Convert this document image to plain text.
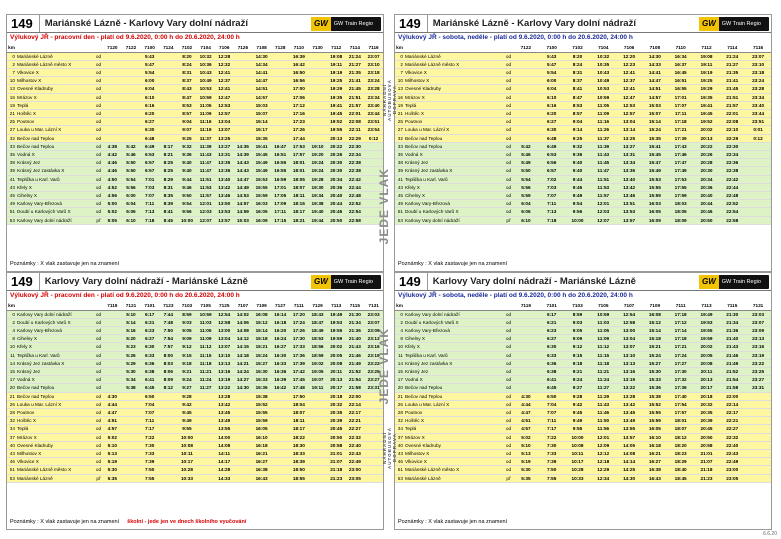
149	Mariánské Lázně - Karlovy Vary dolní nádraží	GW	GW Train Regio
Výlukový JŘ - pracovní den - platí od 9.6.2020, 0:00 h do 20.6.2020, 24:00 h
km			7120	7122	7100	7124	7102	7104	7106	7126	7108	7128	7110	7130	7112	7114	7116
0	Mariánské Lázně	od			5:43		8:20	10:32	12:28		14:30		16:39		19:08	21:24	23:07
2	Mariánské Lázně město X	od			5:47		8:24	10:36	12:32		14:34		16:42		19:11	21:27	23:10
7	Vlkovice X	od			5:54		8:31	10:43	12:41		14:41		16:50		19:19	21:35	23:18
10	Milhostov X	od			6:00		8:37	10:49	12:37		14:47		16:56		19:25	21:41	23:24
13	Ovesné Kladruby	od			6:04		8:43	10:53	12:41		14:51		17:00		19:29	21:45	23:28
16	Mrázov X	od			6:10		8:47	10:59	12:47		14:57		17:06		19:35	21:51	23:34
19	Teplá	od			6:16		8:53	11:05	12:53		15:03		17:12		19:41	21:57	23:40
21	Hoštěc X	od			6:20		8:57	11:09	12:57		15:07		17:16		19:45	22:01	23:44
25	Poutnov	od			6:27		9:04	11:16	13:04		15:14		17:23		19:52	22:08	23:51
27	Louka u Mar. Lázní X	od			6:30		9:07	11:19	13:07		15:17		17:26		19:55	22:11	23:54
32	Bečov nad Teplou	od			6:48		9:25	11:37	13:25		15:35		17:44		20:13	22:29	0:12
33	Bečov nad Teplou	od	4:38	5:42	6:49	8:17	9:32	11:39	13:27	14:35	15:41	16:47	17:53	19:10	20:22	22:30	
35	Vodná X	od	4:42	5:46	6:53	8:21	9:36	11:43	13:31	14:39	15:45	16:51	17:57	19:20	20:26	22:34	
38	Krásný Jez	od	4:46	5:50	6:57	8:25	9:40	11:47	13:35	14:43	15:49	16:55	18:01	19:24	20:30	22:38	
39	Krásný Jez zastávka X	od	4:46	5:50	6:57	8:25	9:40	11:47	13:36	14:43	15:49	16:55	18:01	19:24	20:30	22:38	
41	Teplička u Karl. Varů	od	4:50	5:54	7:01	8:29	9:44	11:51	13:40	14:47	15:53	16:59	18:05	19:28	20:34	22:42	
43	Kfely X	od	4:52	5:56	7:03	8:31	9:46	11:53	13:42	14:49	15:55	17:01	18:07	19:30	20:36	22:44	
45	Cihelny X	od	4:56	6:00	7:07	8:35	9:50	11:57	13:46	14:53	15:59	17:05	18:11	19:34	20:40	22:48	
49	Karlovy Vary-Březová	od	5:00	6:04	7:11	8:39	9:54	12:01	13:50	14:57	16:03	17:09	18:15	19:38	20:44	22:52	
51	Doubí u Karlových Varů X	od	5:02	6:06	7:13	8:41	9:56	12:03	13:53	14:59	16:05	17:11	18:17	19:40	20:46	22:54	
53	Karlovy Vary dolní nádraží	př	5:05	6:10	7:18	8:45	10:00	12:07	13:57	15:03	16:09	17:15	18:21	19:44	20:50	22:58	
Poznámky : X vlak zastavuje jen na znamení
149	Mariánské Lázně - Karlovy Vary dolní nádraží	GW	GW Train Regio
Výlukový JŘ - sobota, neděle - platí od 9.6.2020, 0:00 h do 20.6.2020, 24:00 h
km			7122	7100	7102	7104	7106	7108	7110	7112	7114	7116
0	Mariánské Lázně	od		5:43	8:20	10:32	12:20	14:30	16:34	19:08	21:24	23:07
2	Mariánské Lázně město X	od		5:47	8:24	10:35	12:23	14:33	16:37	19:11	21:27	23:10
7	Vlkovice X	od		5:54	8:31	10:43	12:41	14:41	16:45	19:19	21:35	23:18
10	Milhostov X	od		6:00	8:37	10:49	12:37	14:47	16:51	19:25	21:41	23:24
13	Ovesné Kladruby	od		6:04	8:41	10:53	12:41	14:51	16:55	19:29	21:45	23:28
16	Mrázov X	od		6:10	8:47	10:59	12:47	14:57	17:01	19:35	21:51	23:34
19	Teplá	od		6:16	8:53	11:05	12:53	15:03	17:07	19:41	21:57	23:40
21	Hoštěc X	od		6:20	8:57	11:09	12:57	15:07	17:11	19:45	22:01	23:44
25	Poutnov	od		6:27	9:04	11:16	13:04	15:14	17:18	19:52	22:08	23:51
27	Louka u Mar. Lázní X	od		6:30	9:14	11:26	13:14	15:24	17:21	20:02	22:10	0:01
32	Bečov nad Teplou	od		6:48	9:25	11:37	13:25	15:35	17:39	20:13	22:29	0:12
33	Bečov nad Teplou	od	5:42	6:49	9:32	11:39	13:27	15:41	17:43	20:22	22:30	
35	Vodná X	od	5:46	6:53	9:36	11:43	13:31	15:45	17:46	20:26	22:34	
38	Krásný Jez	od	5:49	6:56	9:40	11:45	13:34	15:47	17:47	20:28	22:36	
39	Krásný Jez zastávka X	od	5:50	6:57	9:40	11:47	13:36	15:49	17:49	20:30	22:38	
41	Teplička u Karl. Varů	od	5:54	7:02	9:44	11:51	13:40	15:53	17:53	20:34	22:42	
43	Kfely X	od	5:56	7:03	9:46	11:53	13:42	15:55	17:55	20:36	22:44	
45	Cihelny X	od	5:59	7:07	9:49	11:57	13:46	15:59	17:59	20:40	22:48	
49	Karlovy Vary-Březová	od	6:04	7:11	9:54	12:01	13:51	16:03	18:03	20:44	22:52	
51	Doubí u Karlových Varů X	od	6:06	7:13	9:56	12:03	13:53	16:05	18:05	20:46	22:54	
53	Karlovy Vary dolní nádraží	př	6:10	7:18	10:00	12:07	13:57	16:09	18:09	20:50	22:58	
Poznámky : X vlak zastavuje jen na znamení
149	Karlovy Vary dolní nádraží - Mariánské Lázně	GW	GW Train Regio
Výlukový JŘ - pracovní den - platí od 9.6.2020, 0:00 h do 20.6.2020, 24:00 h
km			7119	7121	7101	7123	7103	7105	7125	7107	7109	7127	7111	7129	7113	7115	7131
0	Karlovy Vary dolní nádraží	od		5:10	6:17	7:44	8:59	10:59	12:54	14:02	16:08	16:14	17:20	18:43	19:49	21:30	23:03
2	Doubí u Karlových Varů X	od		5:14	6:21	7:48	9:03	11:03	12:58	14:06	15:12	16:18	17:24	18:47	19:53	21:34	23:07
4	Karlovy Vary-Březová	od		5:16	6:23	7:50	9:05	11:05	13:00	14:08	15:14	16:20	17:26	18:49	19:55	21:36	23:09
8	Cihelny X	od		5:20	6:27	7:54	9:09	11:09	13:04	14:12	15:18	16:24	17:30	18:53	19:59	21:40	23:13
10	Kfely X	od		5:23	6:30	7:57	9:12	11:12	13:07	14:15	15:21	16:27	17:33	18:56	20:02	21:43	23:16
11	Teplička u Karl. Varů	od		5:26	6:33	8:00	9:15	11:15	13:10	14:18	15:24	16:30	17:36	18:59	20:05	21:46	23:19
14	Krásný Jez zastávka X	od		5:29	6:36	8:03	9:18	11:18	13:13	14:21	15:27	16:33	17:39	19:02	20:08	21:49	23:22
15	Krásný Jez	od		5:30	6:38	8:06	9:21	11:21	13:16	14:24	15:30	16:36	17:42	19:05	20:11	21:52	23:25
17	Vodná X	od		5:34	6:41	8:09	9:24	11:24	13:19	14:27	15:33	16:39	17:45	19:07	20:13	21:54	23:27
20	Bečov nad Teplou	od		5:38	6:45	8:12	9:27	11:27	13:22	14:30	15:36	16:42	17:48	19:11	20:17	21:58	23:31
21	Bečov nad Teplou	od	4:30		6:50		9:28		13:28		15:38		17:50		20:18	22:00	
26	Louka u Mar. Lázní X	od	4:44		7:04		9:42		13:42		15:52		18:04		20:32	22:14	
28	Poutnov	od	4:47		7:07		9:45		13:45		15:55		18:07		20:35	22:17	
32	Hoštěc X	od	4:51		7:11		9:49		13:49		15:59		18:11		20:39	22:21	
34	Teplá	od	4:57		7:17		9:55		13:55		16:05		18:17		20:45	22:27	
37	Mrázov X	od	5:02		7:22		10:00		14:00		16:10		18:22		20:50	22:32	
40	Ovesné Kladruby	od	5:10		7:30		10:08		14:08		16:18		18:30		20:58	22:40	
43	Milhostov X	od	5:13		7:33		10:11		14:11		16:21		18:33		21:01	22:43	
46	Vlkovice X	od	5:19		7:39		10:17		14:17		16:27		18:39		21:07	22:49	
51	Mariánské Lázně město X	od	5:30		7:50		10:28		14:28		16:38		18:50		21:18	23:00	
53	Mariánské Lázně	př	5:35		7:55		10:33		14:33		16:43		18:55		21:23	23:05	
Poznámky : X vlak zastavuje jen na znamení školní - jede jen ve dnech školního vyučování
149	Karlovy Vary dolní nádraží - Mariánské Lázně	GW	GW Train Regio
Výlukový JŘ - sobota, neděle - platí od 9.6.2020, 0:00 h do 20.6.2020, 24:00 h
km			7119	7101	7103	7105	7107	7109	7111	7113	7115	7131
0	Karlovy Vary dolní nádraží	od		6:17	8:59	10:59	12:54	16:08	17:18	19:49	21:30	23:03
2	Doubí u Karlových Varů X	od		6:21	9:03	11:03	12:58	15:12	17:12	19:53	21:34	23:07
4	Karlovy Vary-Březová	od		6:23	9:05	11:05	13:00	15:14	17:14	19:55	21:36	23:09
8	Cihelny X	od		6:27	9:09	11:09	13:04	15:18	17:18	19:59	21:40	23:13
10	Kfely X	od		6:30	9:12	11:12	13:07	15:21	17:21	20:02	21:43	23:16
11	Teplička u Karl. Varů	od		6:33	9:15	11:15	13:10	15:24	17:24	20:05	21:46	23:19
14	Krásný Jez zastávka X	od		6:36	9:18	11:18	13:13	15:27	17:27	20:08	21:49	23:22
15	Krásný Jez	od		6:38	9:21	11:21	13:16	15:30	17:30	20:11	21:52	23:25
17	Vodná X	od		6:41	9:24	11:24	13:19	15:33	17:32	20:13	21:54	23:27
20	Bečov nad Teplou	od		6:45	9:27	11:27	13:22	15:36	17:36	20:17	21:58	23:31
21	Bečov nad Teplou	od	4:30	6:50	9:28	11:29	13:28	15:38	17:40	20:18	22:00	
26	Louka u Mar. Lázní X	od	4:44	7:04	9:42	11:43	13:42	15:52	17:54	20:32	22:14	
28	Poutnov	od	4:47	7:07	9:45	11:46	13:45	15:55	17:57	20:35	22:17	
32	Hoštěc X	od	4:51	7:11	9:49	11:50	13:49	15:59	18:01	20:39	22:21	
34	Teplá	od	4:57	7:17	9:55	11:56	13:55	16:05	18:07	20:45	22:27	
37	Mrázov X	od	5:02	7:22	10:00	12:01	13:57	16:10	18:12	20:50	22:32	
40	Ovesné Kladruby	od	5:10	7:30	10:08	12:09	14:05	16:18	18:20	20:58	22:40	
43	Milhostov X	od	5:13	7:33	10:11	12:12	14:08	16:21	18:23	21:01	22:43	
46	Vlkovice X	od	5:19	7:39	10:17	12:18	14:14	16:27	18:29	21:07	22:49	
51	Mariánské Lázně město X	od	5:30	7:50	10:28	12:29	14:25	16:38	18:40	21:18	23:00	
53	Mariánské Lázně	př	5:35	7:55	10:33	12:34	14:30	16:43	18:45	21:23	23:05	
Poznámky : X vlak zastavuje jen na znamení
NÁHRADNÍ AUTOBUSOVÁ DOPRAVA
JEDE VLAK
JEDE VLAK
NÁHRADNÍ AUTOBUSOVÁ DOPRAVA
6.6.20
